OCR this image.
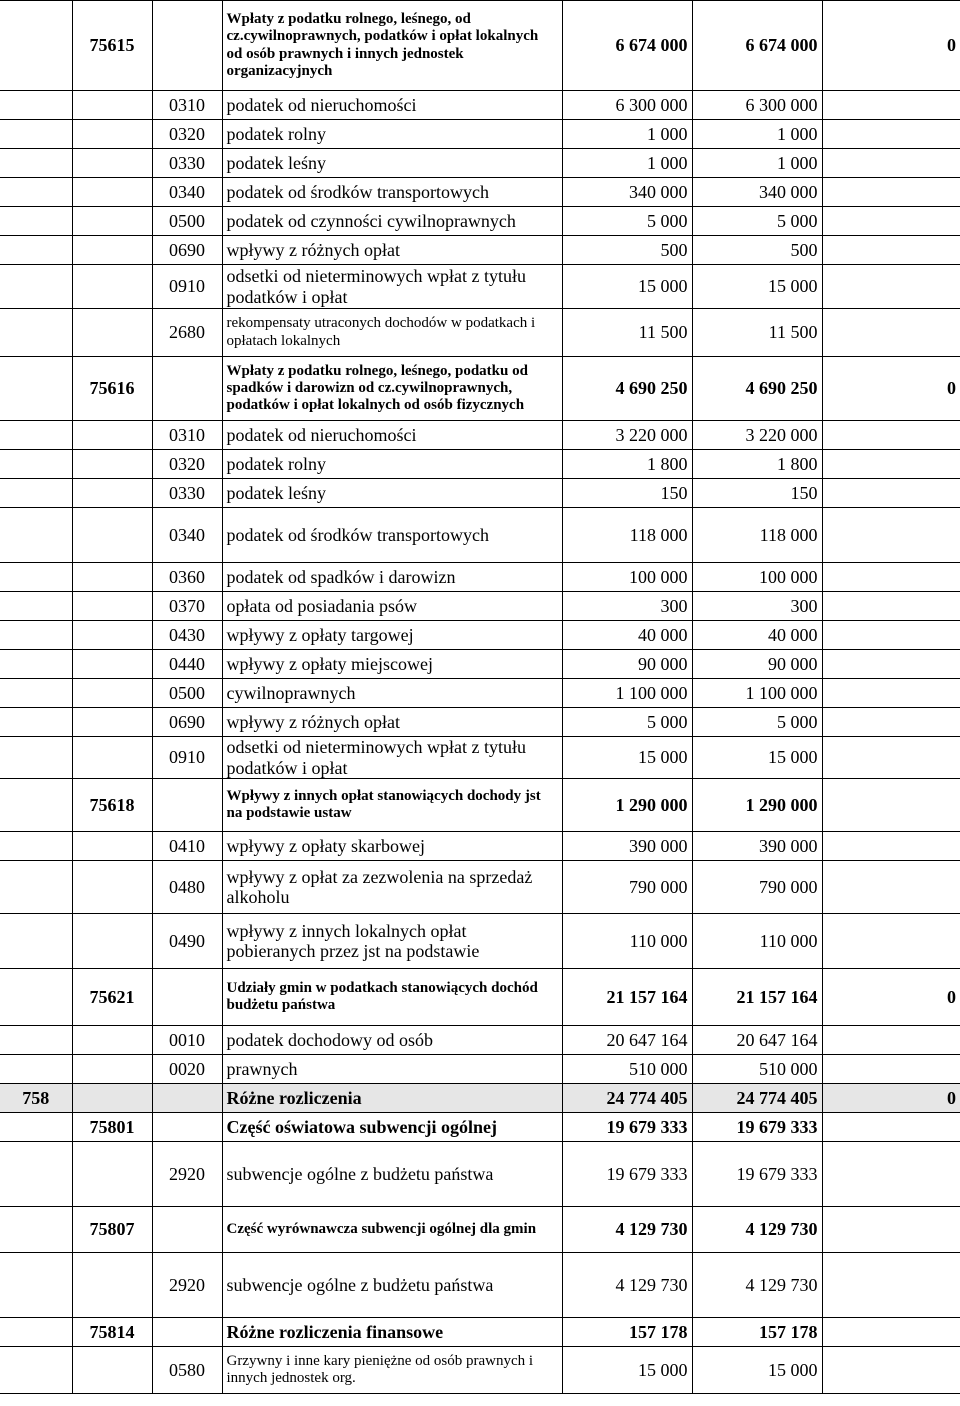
	75615		Wpłaty z podatku rolnego, leśnego, od cz.cywilnoprawnych, podatków i opłat lokalnych od osób prawnych i innych jednostek organizacyjnych	6 674 000	6 674 000	0
		0310	podatek od nieruchomości	6 300 000	6 300 000	
		0320	podatek rolny	1 000	1 000	
		0330	podatek leśny	1 000	1 000	
		0340	podatek od środków transportowych	340 000	340 000	
		0500	podatek od czynności cywilnoprawnych	5 000	5 000	
		0690	wpływy z różnych opłat	500	500	
		0910	odsetki od nieterminowych wpłat z tytułu podatków i opłat	15 000	15 000	
		2680	rekompensaty utraconych dochodów w podatkach i opłatach lokalnych	11 500	11 500	
	75616		Wpłaty z podatku rolnego, leśnego, podatku od spadków i darowizn od cz.cywilnoprawnych, podatków i opłat lokalnych od osób fizycznych	4 690 250	4 690 250	0
		0310	podatek od nieruchomości	3 220 000	3 220 000	
		0320	podatek rolny	1 800	1 800	
		0330	podatek leśny	150	150	
		0340	podatek od środków transportowych	118 000	118 000	
		0360	podatek od spadków i darowizn	100 000	100 000	
		0370	opłata od posiadania psów	300	300	
		0430	wpływy z opłaty targowej	40 000	40 000	
		0440	wpływy z opłaty miejscowej	90 000	90 000	
		0500	cywilnoprawnych	1 100 000	1 100 000	
		0690	wpływy z różnych opłat	5 000	5 000	
		0910	odsetki od nieterminowych wpłat z tytułu podatków i opłat	15 000	15 000	
	75618		Wpływy z innych opłat stanowiących dochody jst na podstawie ustaw	1 290 000	1 290 000	
		0410	wpływy z opłaty skarbowej	390 000	390 000	
		0480	wpływy z opłat za zezwolenia na sprzedaż alkoholu	790 000	790 000	
		0490	wpływy z innych lokalnych opłat pobieranych przez jst na podstawie	110 000	110 000	
	75621		Udziały gmin w podatkach stanowiących dochód budżetu państwa	21 157 164	21 157 164	0
		0010	podatek dochodowy od osób	20 647 164	20 647 164	
		0020	prawnych	510 000	510 000	
758			Różne rozliczenia	24 774 405	24 774 405	0
	75801		Część oświatowa subwencji ogólnej	19 679 333	19 679 333	
		2920	subwencje ogólne z budżetu państwa	19 679 333	19 679 333	
	75807		Część wyrównawcza subwencji ogólnej dla gmin	4 129 730	4 129 730	
		2920	subwencje ogólne z budżetu państwa	4 129 730	4 129 730	
	75814		Różne rozliczenia finansowe	157 178	157 178	
		0580	Grzywny i inne kary pieniężne od osób prawnych i innych jednostek org.	15 000	15 000	
